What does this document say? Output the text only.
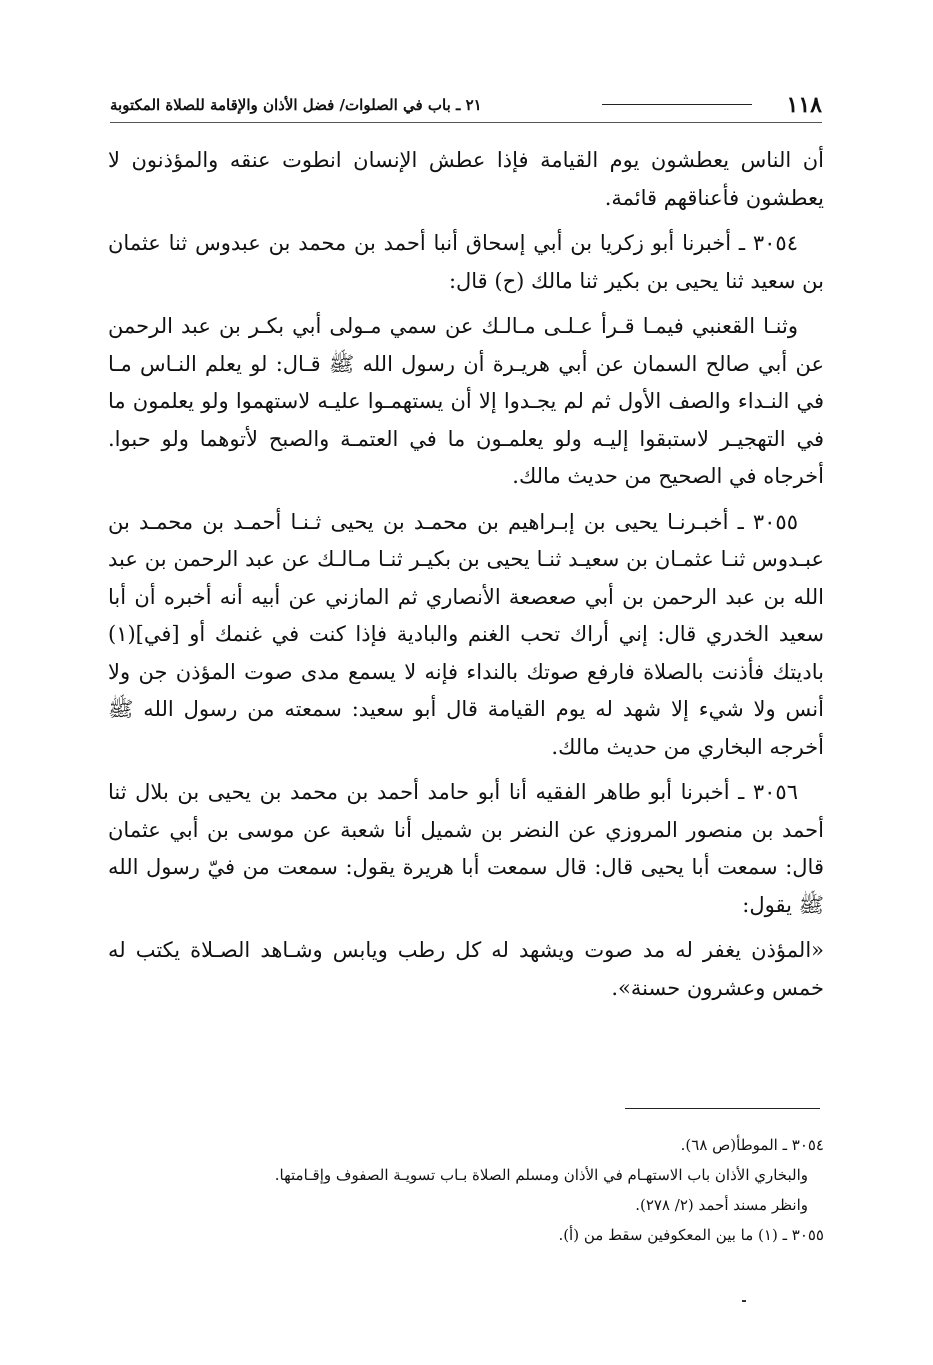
١١٨
٢١ ـ باب في الصلوات/ فضل الأذان والإقامة للصلاة المكتوبة

أن الناس يعطشون يوم القيامة فإذا عطش الإنسان انطوت عنقه والمؤذنون لا يعطشون فأعناقهم قائمة.

٣٠٥٤ ـ أخبرنا أبو زكريا بن أبي إسحاق أنبا أحمد بن محمد بن عبدوس ثنا عثمان بن سعيد ثنا يحيى بن بكير ثنا مالك (ح) قال:

وثنـا القعنبي فيمـا قـرأ عـلـى مـالـك عن سمي مـولى أبي بكـر بن عبد الرحمن عن أبي صالح السمان عن أبي هريـرة أن رسول الله ﷺ قـال: لو يعلم النـاس مـا في النـداء والصف الأول ثم لم يجـدوا إلا أن يستهمـوا عليـه لاستهموا ولو يعلمون ما في التهجيـر لاستبقوا إليـه ولو يعلمـون ما في العتمـة والصبح لأتوهما ولو حبوا. أخرجاه في الصحيح من حديث مالك.

٣٠٥٥ ـ أخبـرنـا يحيى بن إبـراهيم بن محمـد بن يحيى ثـنـا أحمـد بن محمـد بن عبـدوس ثنـا عثمـان بن سعيـد ثنـا يحيى بن بكيـر ثنـا مـالـك عن عبد الرحمن بن عبد الله بن عبد الرحمن بن أبي صعصعة الأنصاري ثم المازني عن أبيه أنه أخبره أن أبا سعيد الخدري قال: إني أراك تحب الغنم والبادية فإذا كنت في غنمك أو [في](١) باديتك فأذنت بالصلاة فارفع صوتك بالنداء فإنه لا يسمع مدى صوت المؤذن جن ولا أنس ولا شيء إلا شهد له يوم القيامة قال أبو سعيد: سمعته من رسول الله ﷺ أخرجه البخاري من حديث مالك.

٣٠٥٦ ـ أخبرنا أبو طاهر الفقيه أنا أبو حامد أحمد بن محمد بن يحيى بن بلال ثنا أحمد بن منصور المروزي عن النضر بن شميل أنا شعبة عن موسى بن أبي عثمان قال: سمعت أبا يحيى قال: قال سمعت أبا هريرة يقول: سمعت من فيّ رسول الله ﷺ يقول:

«المؤذن يغفر له مد صوت ويشهد له كل رطب ويابس وشـاهد الصـلاة يكتب له خمس وعشرون حسنة».

٣٠٥٤ ـ الموطأ(ص ٦٨).

والبخاري الأذان باب الاستهـام في الأذان ومسلم الصلاة بـاب تسويـة الصفوف وإقـامتها.

وانظر مسند أحمد (٢/ ٢٧٨).

٣٠٥٥ ـ (١) ما بين المعكوفين سقط من (أ).
